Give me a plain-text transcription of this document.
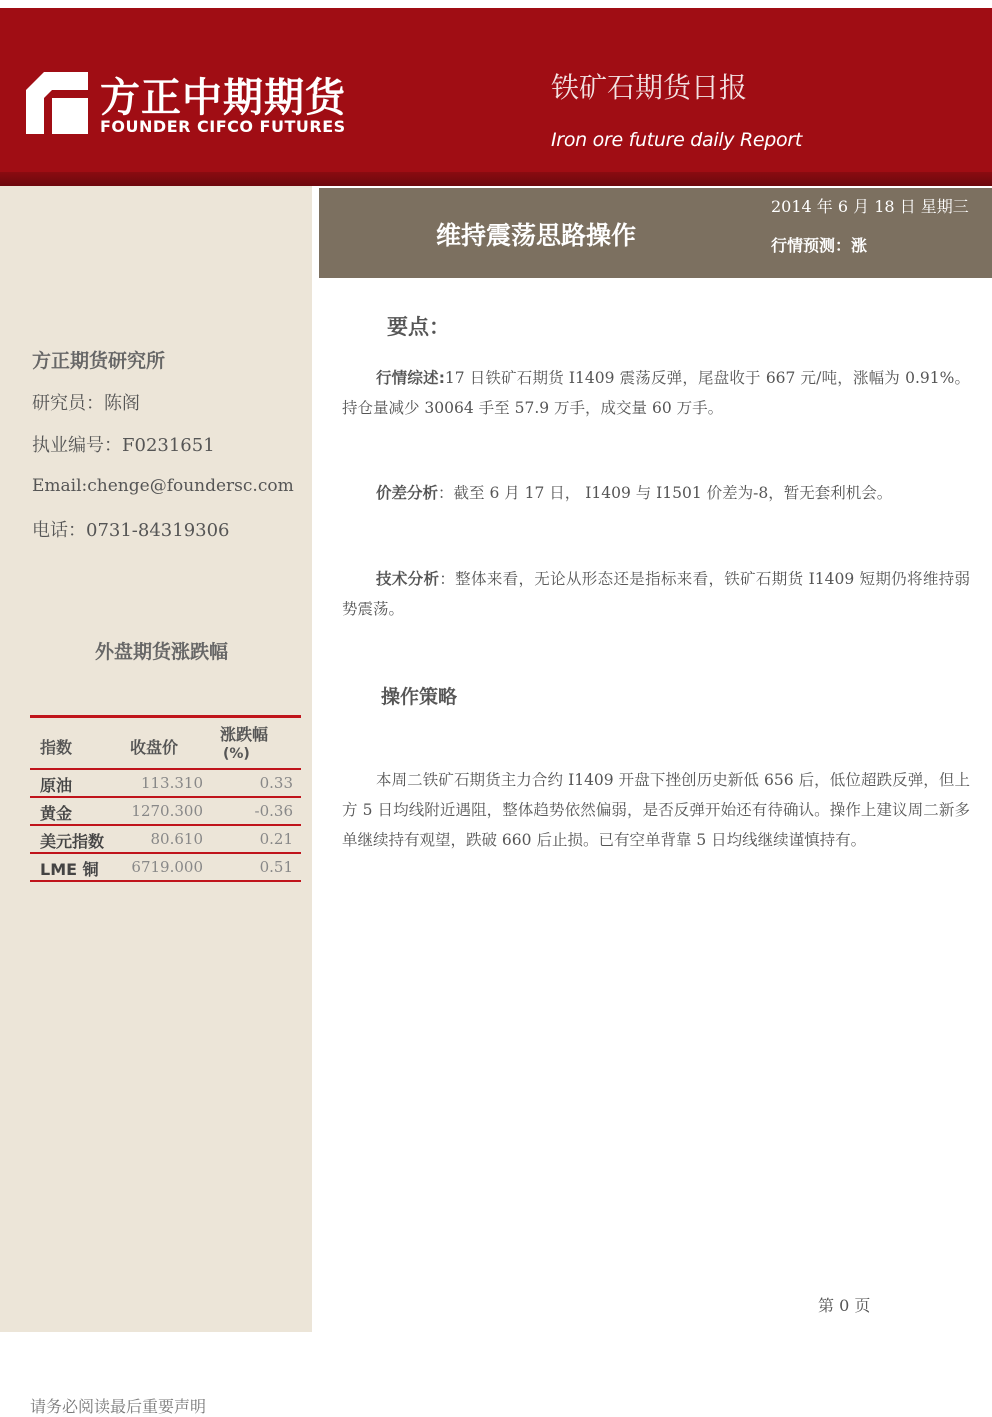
方正中期期货
FOUNDER CIFCO FUTURES
铁矿石期货日报
Iron ore future daily Report
方正期货研究所
研究员：陈阁
执业编号：F0231651
Email:chenge@foundersc.com
电话：0731-84319306
外盘期货涨跌幅
指数	收盘价
涨跌幅
(%)
原油	113.310	0.33
黄金	1270.300	-0.36
美元指数	80.610	0.21
LME 铜 6719.000	0.51
维持震荡思路操作
2014 年 6 月 18 日 星期三
行情预测：涨
要点：
行情综述:17 日铁矿石期货 I1409 震荡反弹，尾盘收于 667 元/吨，涨幅为 0.91%。持仓量减少 30064 手至 57.9 万手，成交量 60 万手。
价差分析：截至 6 月 17 日， I1409 与 I1501 价差为-8，暂无套利机会。
技术分析：整体来看，无论从形态还是指标来看，铁矿石期货 I1409 短期仍将维持弱势震荡。
操作策略
本周二铁矿石期货主力合约 I1409 开盘下挫创历史新低 656 后，低位超跌反弹，但上方 5 日均线附近遇阻，整体趋势依然偏弱，是否反弹开始还有待确认。操作上建议周二新多单继续持有观望，跌破 660 后止损。已有空单背靠 5 日均线继续谨慎持有。
第 0 页
请务必阅读最后重要声明
